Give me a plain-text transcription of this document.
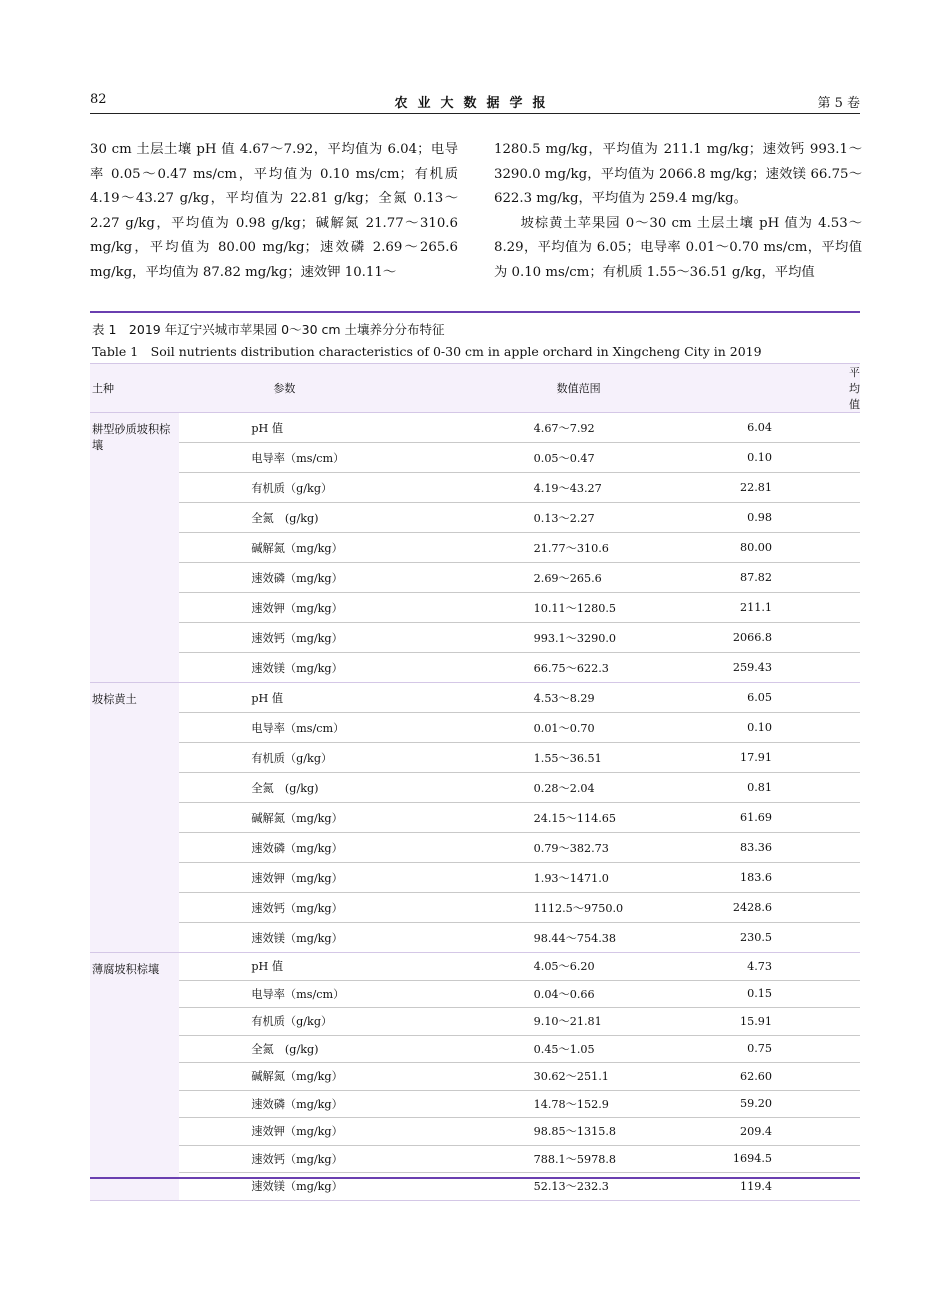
82	农业大数据学报	第 5 卷

30 cm 土层土壤 pH 值 4.67～7.92，平均值为 6.04；电导率 0.05～0.47 ms/cm，平均值为 0.10 ms/cm；有机质 4.19～43.27 g/kg，平均值为 22.81 g/kg；全氮 0.13～2.27 g/kg，平均值为 0.98 g/kg；碱解氮 21.77～310.6 mg/kg，平均值为 80.00 mg/kg；速效磷 2.69～265.6 mg/kg，平均值为 87.82 mg/kg；速效钾 10.11～

1280.5 mg/kg，平均值为 211.1 mg/kg；速效钙 993.1～3290.0 mg/kg，平均值为 2066.8 mg/kg；速效镁 66.75～622.3 mg/kg，平均值为 259.4 mg/kg。

坡棕黄土苹果园 0～30 cm 土层土壤 pH 值为 4.53～8.29，平均值为 6.05；电导率 0.01～0.70 ms/cm，平均值为 0.10 ms/cm；有机质 1.55～36.51 g/kg，平均值

表 1　2019 年辽宁兴城市苹果园 0～30 cm 土壤养分分布特征
Table 1　Soil nutrients distribution characteristics of 0-30 cm in apple orchard in Xingcheng City in 2019
土种	参数	数值范围	平均值
耕型砂质坡积棕壤	pH 值	4.67～7.92	6.04
	电导率（ms/cm）	0.05～0.47	0.10
	有机质（g/kg）	4.19～43.27	22.81
	全氮　(g/kg)	0.13～2.27	0.98
	碱解氮（mg/kg）	21.77～310.6	80.00
	速效磷（mg/kg）	2.69～265.6	87.82
	速效钾（mg/kg）	10.11～1280.5	211.1
	速效钙（mg/kg）	993.1～3290.0	2066.8
	速效镁（mg/kg）	66.75～622.3	259.43
坡棕黄土	pH 值	4.53～8.29	6.05
	电导率（ms/cm）	0.01～0.70	0.10
	有机质（g/kg）	1.55～36.51	17.91
	全氮　(g/kg)	0.28～2.04	0.81
	碱解氮（mg/kg）	24.15～114.65	61.69
	速效磷（mg/kg）	0.79～382.73	83.36
	速效钾（mg/kg）	1.93～1471.0	183.6
	速效钙（mg/kg）	1112.5～9750.0	2428.6
	速效镁（mg/kg）	98.44～754.38	230.5
薄腐坡积棕壤	pH 值	4.05～6.20	4.73
	电导率（ms/cm）	0.04～0.66	0.15
	有机质（g/kg）	9.10～21.81	15.91
	全氮　(g/kg)	0.45～1.05	0.75
	碱解氮（mg/kg）	30.62～251.1	62.60
	速效磷（mg/kg）	14.78～152.9	59.20
	速效钾（mg/kg）	98.85～1315.8	209.4
	速效钙（mg/kg）	788.1～5978.8	1694.5
	速效镁（mg/kg）	52.13～232.3	119.4
